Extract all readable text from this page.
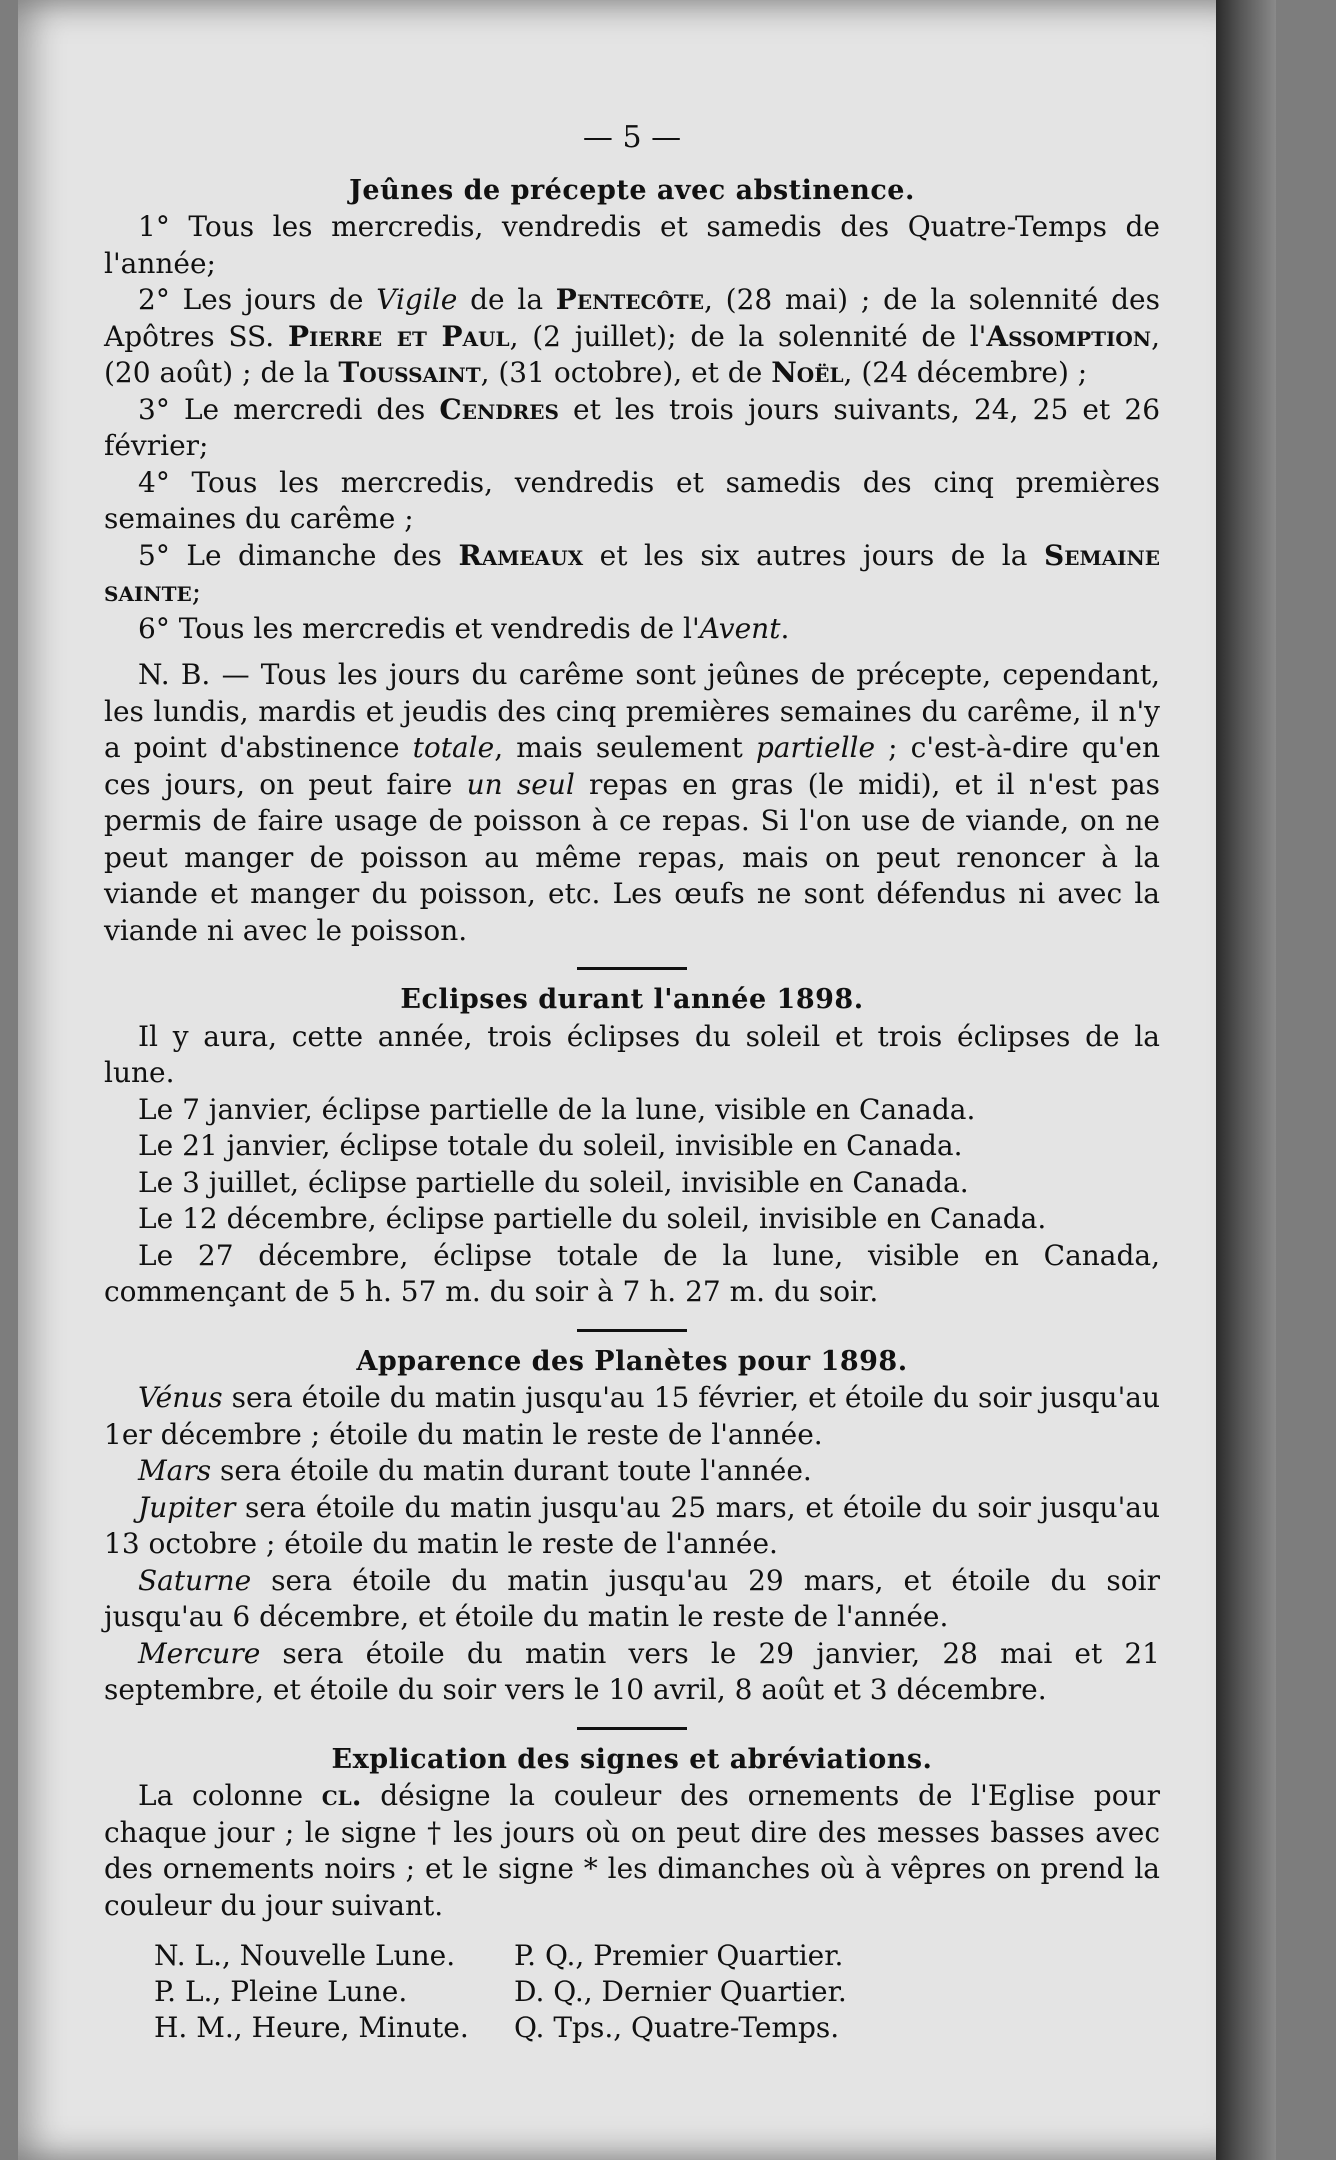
— 5 —
Jeûnes de précepte avec abstinence.

1° Tous les mercredis, vendredis et samedis des Quatre-Temps de l'année;

2° Les jours de Vigile de la Pentecôte, (28 mai) ; de la solennité des Apôtres SS. Pierre et Paul, (2 juillet); de la solennité de l'Assomption, (20 août) ; de la Toussaint, (31 octobre), et de Noël, (24 décembre) ;

3° Le mercredi des Cendres et les trois jours suivants, 24, 25 et 26 février;

4° Tous les mercredis, vendredis et samedis des cinq premières semaines du carême ;

5° Le dimanche des Rameaux et les six autres jours de la Semaine sainte;

6° Tous les mercredis et vendredis de l'Avent.

N. B. — Tous les jours du carême sont jeûnes de précepte, cependant, les lundis, mardis et jeudis des cinq premières semaines du carême, il n'y a point d'abstinence totale, mais seulement partielle ; c'est-à-dire qu'en ces jours, on peut faire un seul repas en gras (le midi), et il n'est pas permis de faire usage de poisson à ce repas. Si l'on use de viande, on ne peut manger de poisson au même repas, mais on peut renoncer à la viande et manger du poisson, etc. Les œufs ne sont défendus ni avec la viande ni avec le poisson.

Eclipses durant l'année 1898.

Il y aura, cette année, trois éclipses du soleil et trois éclipses de la lune.

Le 7 janvier, éclipse partielle de la lune, visible en Canada.

Le 21 janvier, éclipse totale du soleil, invisible en Canada.

Le 3 juillet, éclipse partielle du soleil, invisible en Canada.

Le 12 décembre, éclipse partielle du soleil, invisible en Canada.

Le 27 décembre, éclipse totale de la lune, visible en Canada, commençant de 5 h. 57 m. du soir à 7 h. 27 m. du soir.

Apparence des Planètes pour 1898.

Vénus sera étoile du matin jusqu'au 15 février, et étoile du soir jusqu'au 1er décembre ; étoile du matin le reste de l'année.

Mars sera étoile du matin durant toute l'année.

Jupiter sera étoile du matin jusqu'au 25 mars, et étoile du soir jusqu'au 13 octobre ; étoile du matin le reste de l'année.

Saturne sera étoile du matin jusqu'au 29 mars, et étoile du soir jusqu'au 6 décembre, et étoile du matin le reste de l'année.

Mercure sera étoile du matin vers le 29 janvier, 28 mai et 21 septembre, et étoile du soir vers le 10 avril, 8 août et 3 décembre.

Explication des signes et abréviations.

La colonne cl. désigne la couleur des ornements de l'Eglise pour chaque jour ; le signe † les jours où on peut dire des messes basses avec des ornements noirs ; et le signe * les dimanches où à vêpres on prend la couleur du jour suivant.

N. L., Nouvelle Lune.	P. Q., Premier Quartier.
P. L., Pleine Lune.	D. Q., Dernier Quartier.
H. M., Heure, Minute.	Q. Tps., Quatre-Temps.
